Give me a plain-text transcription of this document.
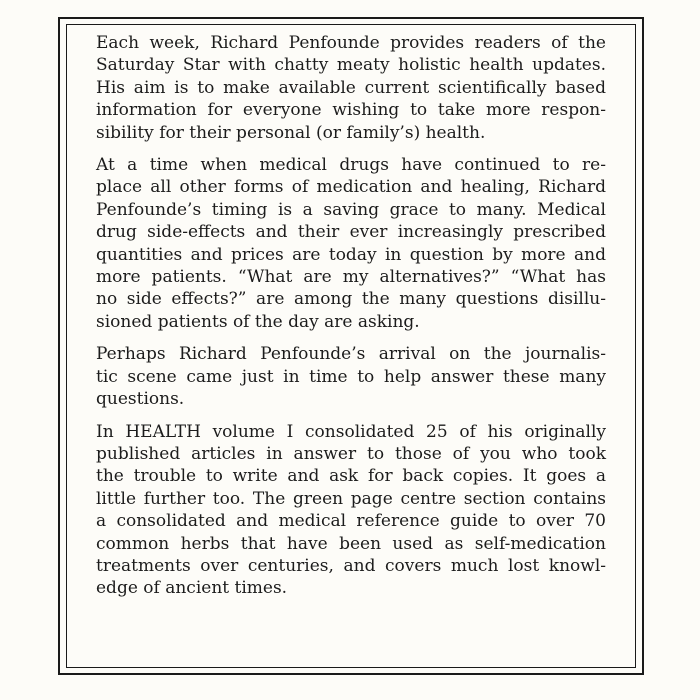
Each week, Richard Penfounde provides readers of the
Saturday Star with chatty meaty holistic health updates.
His aim is to make available current scientifically based
information for everyone wishing to take more respon-
sibility for their personal (or family’s) health.
At a time when medical drugs have continued to re-
place all other forms of medication and healing, Richard
Penfounde’s timing is a saving grace to many. Medical
drug side-effects and their ever increasingly prescribed
quantities and prices are today in question by more and
more patients. “What are my alternatives?” “What has
no side effects?” are among the many questions disillu-
sioned patients of the day are asking.
Perhaps Richard Penfounde’s arrival on the journalis-
tic scene came just in time to help answer these many
questions.
In HEALTH volume I consolidated 25 of his originally
published articles in answer to those of you who took
the trouble to write and ask for back copies. It goes a
little further too. The green page centre section contains
a consolidated and medical reference guide to over 70
common herbs that have been used as self-medication
treatments over centuries, and covers much lost knowl-
edge of ancient times.
